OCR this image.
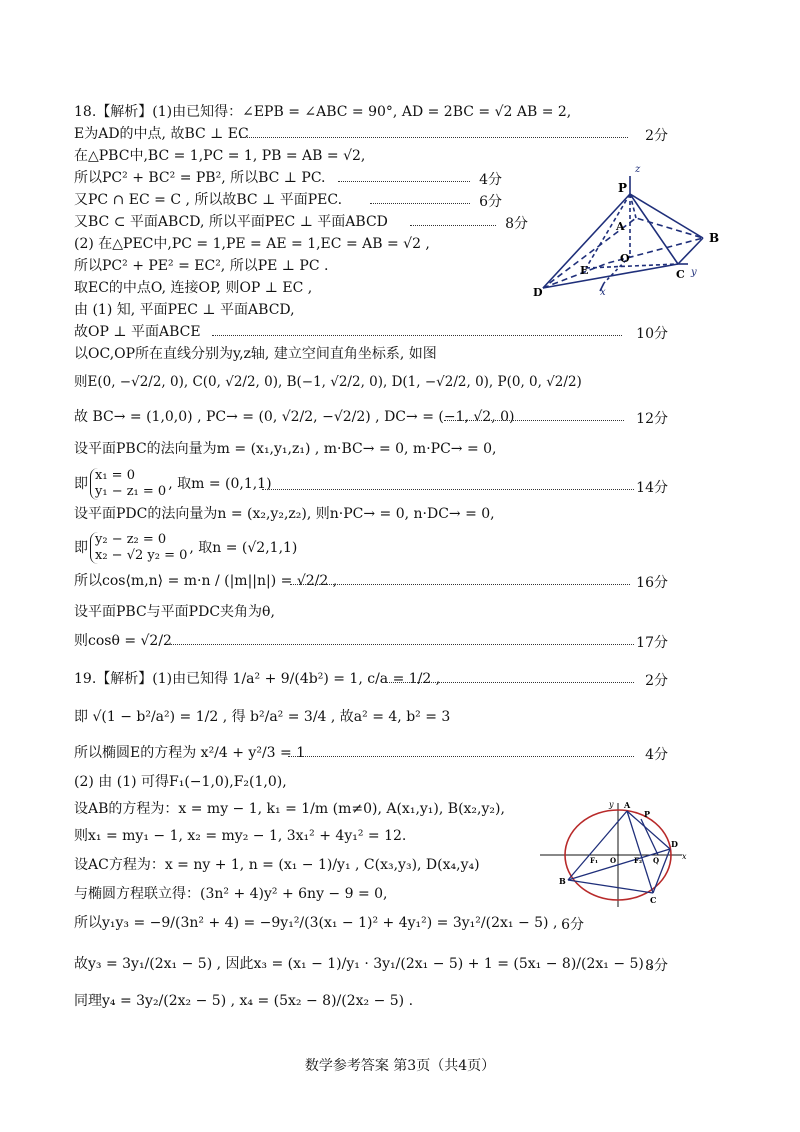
18.【解析】(1)由已知得：∠EPB = ∠ABC = 90°, AD = 2BC = √2 AB = 2,
E为AD的中点, 故BC ⊥ EC	2分
在△PBC中,BC = 1,PC = 1, PB = AB = √2,
所以PC² + BC² = PB², 所以BC ⊥ PC.	4分
又PC ∩ EC = C , 所以故BC ⊥ 平面PEC.	6分
又BC ⊂ 平面ABCD, 所以平面PEC ⊥ 平面ABCD	8分
(2) 在△PEC中,PC = 1,PE = AE = 1,EC = AB = √2 ,
所以PC² + PE² = EC², 所以PE ⊥ PC .
取EC的中点O, 连接OP, 则OP ⊥ EC ,
由 (1) 知, 平面PEC ⊥ 平面ABCD,
故OP ⊥ 平面ABCE	10分
以OC,OP所在直线分别为y,z轴, 建立空间直角坐标系, 如图
则E(0, −√2/2, 0), C(0, √2/2, 0), B(−1, √2/2, 0), D(1, −√2/2, 0), P(0, 0, √2/2)
故 BC→ = (1,0,0) , PC→ = (0, √2/2, −√2/2) , DC→ = (−1, √2, 0)	12分
设平面PBC的法向量为m = (x₁,y₁,z₁) , m·BC→ = 0, m·PC→ = 0,
即
x₁ = 0
y₁ − z₁ = 0 , 取m = (0,1,1)	14分
设平面PDC的法向量为n = (x₂,y₂,z₂), 则n·PC→ = 0, n·DC→ = 0,
即
y₂ − z₂ = 0
x₂ − √2 y₂ = 0 , 取n = (√2,1,1)
所以cos⟨m,n⟩ = m·n / (|m||n|) = √2/2 ,	16分
设平面PBC与平面PDC夹角为θ,
则cosθ = √2/2	17分
19.【解析】(1)由已知得 1/a² + 9/(4b²) = 1, c/a = 1/2 ,	2分
即 √(1 − b²/a²) = 1/2 , 得 b²/a² = 3/4 , 故a² = 4, b² = 3
所以椭圆E的方程为 x²/4 + y²/3 = 1	4分
(2) 由 (1) 可得F₁(−1,0),F₂(1,0),
设AB的方程为：x = my − 1, k₁ = 1/m (m≠0), A(x₁,y₁), B(x₂,y₂),
则x₁ = my₁ − 1, x₂ = my₂ − 1, 3x₁² + 4y₁² = 12.
设AC方程为：x = ny + 1, n = (x₁ − 1)/y₁ , C(x₃,y₃), D(x₄,y₄)
与椭圆方程联立得：(3n² + 4)y² + 6ny − 9 = 0,
所以y₁y₃ = −9/(3n² + 4) = −9y₁²/(3(x₁ − 1)² + 4y₁²) = 3y₁²/(2x₁ − 5) , 6分
故y₃ = 3y₁/(2x₁ − 5) , 因此x₃ = (x₁ − 1)/y₁ · 3y₁/(2x₁ − 5) + 1 = (5x₁ − 8)/(2x₁ − 5) .
8分
同理y₄ = 3y₂/(2x₂ − 5) , x₄ = (5x₂ − 8)/(2x₂ − 5) .
P
z
A
B
C y
D
E
O
x
y
x
A
P
D
F₁ O	F₂ Q
B
C
数学参考答案 第3页（共4页）
